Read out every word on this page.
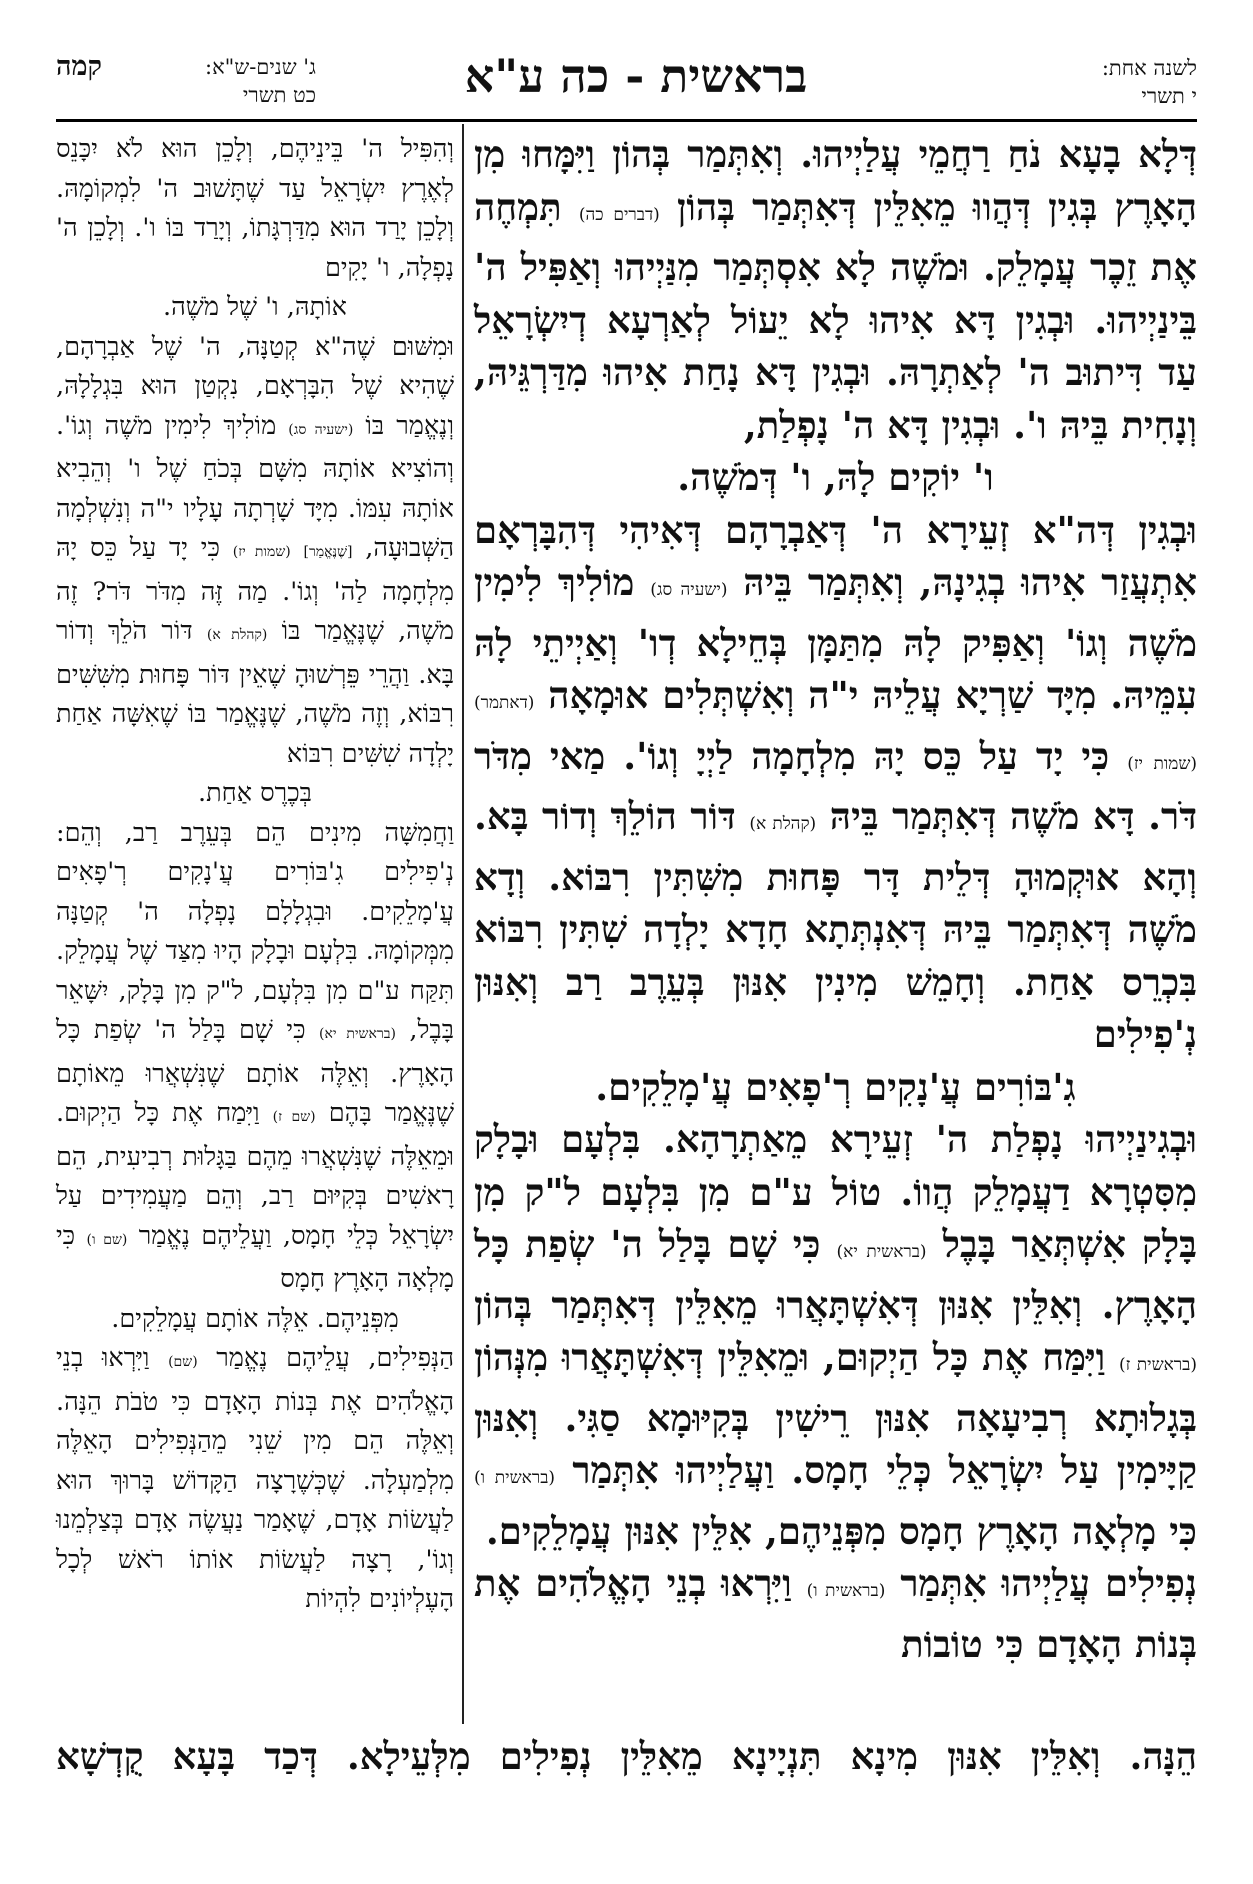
קמה	ג' שנים-ש"א:
כט תשרי	בראשית - כה ע"א	לשנה אחת:
י תשרי

דְּלָא בָעָא נֹחַ רַחֲמֵי עֲלַיְיהוּ. וְאִתְּמַר בְּהוֹן וַיִּמָּחוּ מִן הָאָרֶץ בְּגִין דְּהֲווּ מֵאִלֵּין דְּאִתְּמַר בְּהוֹן (דברים כה) תִּמְחֶה אֶת זֵכֶר עֲמָלֵק. וּמֹשֶׁה לָא אִסְתְּמַר מִנַּיְיהוּ וְאַפִּיל ה' בֵּינַיְיהוּ. וּבְגִין דָּא אִיהוּ לָא יֵעוֹל לְאַרְעָא דְיִשְׂרָאֵל עַד דִּיתוּב ה' לְאַתְרָהּ. וּבְגִין דָּא נָחַת אִיהוּ מִדַּרְגֵּיהּ, וְנָחִית בֵּיהּ ו'. וּבְגִין דָּא ה' נָפְלַת,

ו' יוֹקִים לָהּ, ו' דְּמֹשֶׁה.

וּבְגִין דְּה"א זְעֵירָא ה' דְּאַבְרָהָם דְּאִיהִי דְּהִבָּרְאָם אִתְעֲזַר אִיהוּ בְגִינָהּ, וְאִתְּמַר בֵּיהּ (ישעיה סג) מוֹלִיךְ לִימִין מֹשֶׁה וְגוֹ' וְאַפִּיק לָהּ מִתַּמָּן בְּחֵילָא דְו' וְאַיְיתֵי לָהּ עִמֵּיהּ. מִיָּד שַׁרְיָא עֲלֵיהּ י"ה וְאִשְׁתְּלִים אוּמָאָה (דאתמר) (שמות יז) כִּי יָד עַל כֵּס יָהּ מִלְחָמָה לַיְיָ וְגוֹ'. מַאי מִדֹּר דֹּר. דָּא מֹשֶׁה דְּאִתְּמַר בֵּיהּ (קהלת א) דּוֹר הוֹלֵךְ וְדוֹר בָּא. וְהָא אוּקְמוּהָ דְּלֵית דָּר פָּחוּת מִשִּׁתִּין רִבּוֹא. וְדָא מֹשֶׁה דְּאִתְּמַר בֵּיהּ דְּאִנְתְּתָא חָדָא יָלְדָה שִׁתִּין רִבּוֹא בִּכְרֵס אַחַת. וְחָמֵשׁ מִינִין אִנּוּן בְּעֵרֶב רַב וְאִנּוּן נְ'פִילִים

גִ'בּוֹרִים עֲ'נָקִים רְ'פָאִים עֲ'מָלֵקִים.

וּבְגִינַיְיהוּ נָפְלַת ה' זְעֵירָא מֵאַתְרָהָא. בִּלְעָם וּבָלָק מִסִּטְרָא דַעֲמָלֵק הֲווֹ. טוֹל ע"ם מִן בִּלְעָם ל"ק מִן בָּלָק אִשְׁתְּאַר בָּבֶל (בראשית יא) כִּי שָׁם בָּלַל ה' שְׂפַת כָּל הָאָרֶץ. וְאִלֵּין אִנּוּן דְּאִשְׁתָּאֲרוּ מֵאִלֵּין דְּאִתְּמַר בְּהוֹן (בראשית ז) וַיִּמַּח אֶת כָּל הַיְקוּם, וּמֵאִלֵּין דְּאִשְׁתָּאֲרוּ מִנְּהוֹן בְּגָלוּתָא רְבִיעָאָה אִנּוּן רֵישִׁין בְּקִיּוּמָא סַגִּי. וְאִנּוּן קַיָּימִין עַל יִשְׂרָאֵל כְּלֵי חָמָס. וַעֲלַיְיהוּ אִתְּמַר (בראשית ו) כִּי מָלְאָה הָאָרֶץ חָמָס מִפְּנֵיהֶם, אִלֵּין אִנּוּן עֲמָלֵקִים.

נְפִילִים עֲלַיְיהוּ אִתְּמַר (בראשית ו) וַיִּרְאוּ בְנֵי הָאֱלֹהִים אֶת בְּנוֹת הָאָדָם כִּי טוֹבוֹת

וְהִפִּיל ה' בֵּינֵיהֶם, וְלָכֵן הוּא לֹא יִכָּנֵס לְאֶרֶץ יִשְׂרָאֵל עַד שֶׁתָּשׁוּב ה' לִמְקוֹמָהּ. וְלָכֵן יָרַד הוּא מִדַּרְגָּתוֹ, וְיָרַד בּוֹ ו'. וְלָכֵן ה' נָפְלָה, ו' יָקִים

אוֹתָהּ, ו' שֶׁל מֹשֶׁה.

וּמִשּׁוּם שֶׁה"א קְטַנָּה, ה' שֶׁל אַבְרָהָם, שֶׁהִיא שֶׁל הִבָּרְאָם, נִקְטַן הוּא בִּגְלָלָהּ, וְנֶאֱמַר בּוֹ (ישעיה סג) מוֹלִיךְ לִימִין מֹשֶׁה וְגוֹ'. וְהוֹצִיא אוֹתָהּ מִשָּׁם בְּכֹחַ שֶׁל ו' וְהֵבִיא אוֹתָהּ עִמּוֹ. מִיָּד שָׁרְתָה עָלָיו י"ה וְנִשְׁלְמָה הַשְּׁבוּעָה, [שֶׁנֶּאֱמַר] (שמות יז) כִּי יָד עַל כֵּס יָהּ מִלְחָמָה לַה' וְגוֹ'. מַה זֶּה מִדֹּר דֹּר? זֶה מֹשֶׁה, שֶׁנֶּאֱמַר בּוֹ (קהלת א) דּוֹר הֹלֵךְ וְדוֹר בָּא. וַהֲרֵי פֵּרְשׁוּהָ שֶׁאֵין דּוֹר פָּחוּת מִשִּׁשִּׁים רִבּוֹא, וְזֶה מֹשֶׁה, שֶׁנֶּאֱמַר בּוֹ שֶׁאִשָּׁה אַחַת יָלְדָה שִׁשִּׁים רִבּוֹא

בְּכֶרֶס אַחַת.

וַחֲמִשָּׁה מִינִים הֵם בְּעֵרֶב רַב, וְהֵם: נְ'פִילִים גִ'בּוֹרִים עֲ'נָקִים רְ'פָאִים עֲ'מָלֵקִים. וּבִגְלָלָם נָפְלָה ה' קְטַנָּה מִמְּקוֹמָהּ. בִּלְעָם וּבָלָק הָיוּ מִצַּד שֶׁל עֲמָלֵק. תִּקַּח ע"ם מִן בִּלְעָם, ל"ק מִן בָּלָק, יִשָּׁאֵר בָּבֶל, (בראשית יא) כִּי שָׁם בָּלַל ה' שְׂפַת כָּל הָאָרֶץ. וְאֵלֶּה אוֹתָם שֶׁנִּשְׁאֲרוּ מֵאוֹתָם שֶׁנֶּאֱמַר בָּהֶם (שם ז) וַיִּמַח אֶת כָּל הַיְקוּם. וּמֵאֵלֶּה שֶׁנִּשְׁאֲרוּ מֵהֶם בַּגָּלוּת רְבִיעִית, הֵם רָאשִׁים בְּקִיּוּם רַב, וְהֵם מַעֲמִידִים עַל יִשְׂרָאֵל כְּלֵי חָמָס, וַעֲלֵיהֶם נֶאֱמַר (שם ו) כִּי מָלְאָה הָאָרֶץ חָמָס

מִפְּנֵיהֶם. אֵלֶּה אוֹתָם עֲמָלֵקִים.

הַנְּפִילִים, עֲלֵיהֶם נֶאֱמַר (שם) וַיִּרְאוּ בְנֵי הָאֱלֹהִים אֶת בְּנוֹת הָאָדָם כִּי טֹבֹת הֵנָּה. וְאֵלֶּה הֵם מִין שֵׁנִי מֵהַנְּפִילִים הָאֵלֶּה מִלְמַעְלָה. שֶׁכְּשֶׁרָצָה הַקָּדוֹשׁ בָּרוּךְ הוּא לַעֲשׂוֹת אָדָם, שֶׁאָמַר נַעֲשֶׂה אָדָם בְּצַלְמֵנוּ וְגוֹ', רָצָה לַעֲשׂוֹת אוֹתוֹ רֹאשׁ לְכָל הָעֶלְיוֹנִים לִהְיוֹת

הֵנָּה. וְאִלֵּין אִנּוּן מִינָא תִּנְיָינָא מֵאִלֵּין נְפִילִים מִלְּעֵילָא. דְּכַד בָּעָא קֻדְשָׁא
